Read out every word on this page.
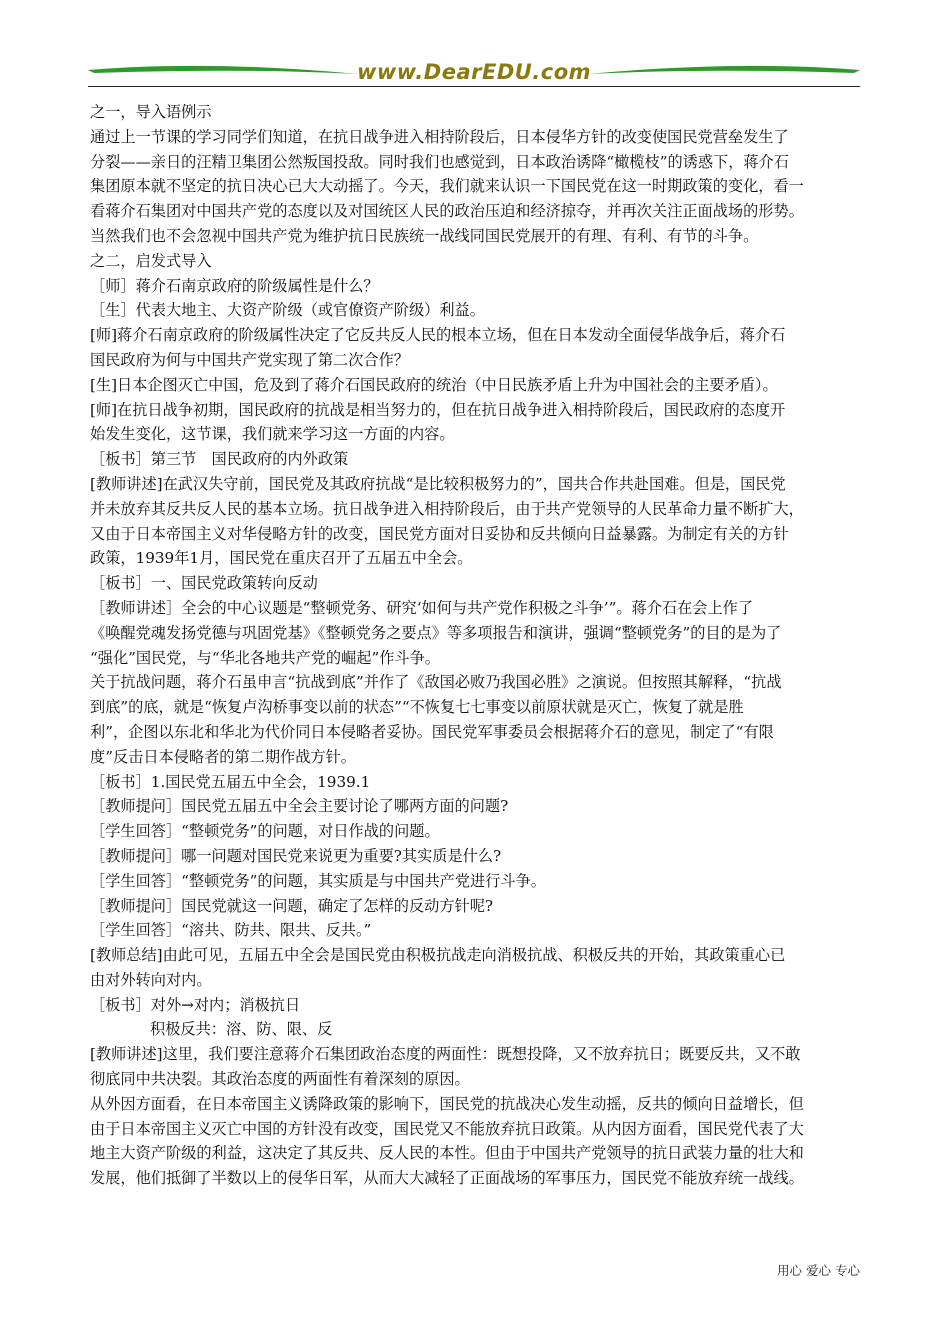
www.DearEDU.com
之一，导入语例示
通过上一节课的学习同学们知道，在抗日战争进入相持阶段后，日本侵华方针的改变使国民党营垒发生了
分裂——亲日的汪精卫集团公然叛国投敌。同时我们也感觉到，日本政治诱降“橄榄枝”的诱惑下，蒋介石
集团原本就不坚定的抗日决心已大大动摇了。今天，我们就来认识一下国民党在这一时期政策的变化，看一
看蒋介石集团对中国共产党的态度以及对国统区人民的政治压迫和经济掠夺，并再次关注正面战场的形势。
当然我们也不会忽视中国共产党为维护抗日民族统一战线同国民党展开的有理、有利、有节的斗争。
之二，启发式导入
［师］蒋介石南京政府的阶级属性是什么？
［生］代表大地主、大资产阶级（或官僚资产阶级）利益。
[师]蒋介石南京政府的阶级属性决定了它反共反人民的根本立场，但在日本发动全面侵华战争后，蒋介石
国民政府为何与中国共产党实现了第二次合作？
[生]日本企图灭亡中国，危及到了蒋介石国民政府的统治（中日民族矛盾上升为中国社会的主要矛盾）。
[师]在抗日战争初期，国民政府的抗战是相当努力的，但在抗日战争进入相持阶段后，国民政府的态度开
始发生变化，这节课，我们就来学习这一方面的内容。
［板书］第三节　国民政府的内外政策
[教师讲述]在武汉失守前，国民党及其政府抗战“是比较积极努力的”，国共合作共赴国难。但是，国民党
并未放弃其反共反人民的基本立场。抗日战争进入相持阶段后，由于共产党领导的人民革命力量不断扩大，
又由于日本帝国主义对华侵略方针的改变，国民党方面对日妥协和反共倾向日益暴露。为制定有关的方针
政策，1939年1月，国民党在重庆召开了五届五中全会。
［板书］一、国民党政策转向反动
［教师讲述］全会的中心议题是“整顿党务、研究‘如何与共产党作积极之斗争’”。蒋介石在会上作了
《唤醒党魂发扬党德与巩固党基》《整顿党务之要点》等多项报告和演讲，强调“整顿党务”的目的是为了
“强化”国民党，与“华北各地共产党的崛起”作斗争。
关于抗战问题，蒋介石虽申言“抗战到底”并作了《敌国必败乃我国必胜》之演说。但按照其解释，“抗战
到底”的底，就是“恢复卢沟桥事变以前的状态”“不恢复七七事变以前原状就是灭亡，恢复了就是胜
利”，企图以东北和华北为代价同日本侵略者妥协。国民党军事委员会根据蒋介石的意见，制定了“有限
度”反击日本侵略者的第二期作战方针。
［板书］1.国民党五届五中全会，1939.1
［教师提问］国民党五届五中全会主要讨论了哪两方面的问题?
［学生回答］“整顿党务”的问题，对日作战的问题。
［教师提问］哪一问题对国民党来说更为重要?其实质是什么?
［学生回答］“整顿党务”的问题，其实质是与中国共产党进行斗争。
［教师提问］国民党就这一问题，确定了怎样的反动方针呢?
［学生回答］“溶共、防共、限共、反共。”
[教师总结]由此可见，五届五中全会是国民党由积极抗战走向消极抗战、积极反共的开始，其政策重心已
由对外转向对内。
［板书］对外→对内；消极抗日
积极反共：溶、防、限、反
[教师讲述]这里，我们要注意蒋介石集团政治态度的两面性：既想投降，又不放弃抗日；既要反共，又不敢
彻底同中共决裂。其政治态度的两面性有着深刻的原因。
从外因方面看，在日本帝国主义诱降政策的影响下，国民党的抗战决心发生动摇，反共的倾向日益增长，但
由于日本帝国主义灭亡中国的方针没有改变，国民党又不能放弃抗日政策。从内因方面看，国民党代表了大
地主大资产阶级的利益，这决定了其反共、反人民的本性。但由于中国共产党领导的抗日武装力量的壮大和
发展，他们抵御了半数以上的侵华日军，从而大大减轻了正面战场的军事压力，国民党不能放弃统一战线。
用心 爱心 专心
